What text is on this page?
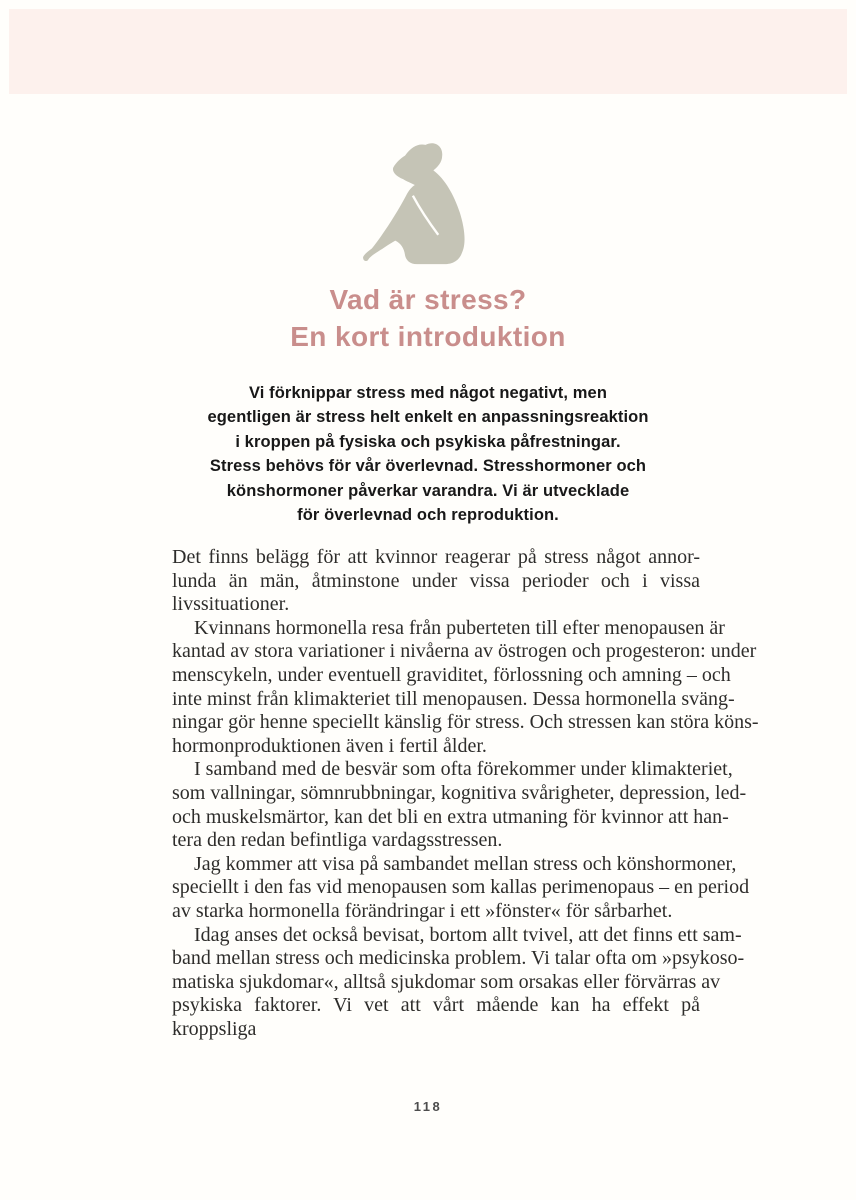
Vad är stress?
En kort introduktion
Vi förknippar stress med något negativt, men
egentligen är stress helt enkelt en anpassningsreaktion
i kroppen på fysiska och psykiska påfrestningar.
Stress behövs för vår överlevnad. Stresshormoner och
könshormoner påverkar varandra. Vi är utvecklade
för överlevnad och reproduktion.
Det finns belägg för att kvinnor reagerar på stress något annor-
lunda än män, åtminstone under vissa perioder och i vissa livssituationer.
Kvinnans hormonella resa från puberteten till efter menopausen är
kantad av stora variationer i nivåerna av östrogen och progesteron: under
menscykeln, under eventuell graviditet, förlossning och amning – och
inte minst från klimakteriet till menopausen. Dessa hormonella sväng-
ningar gör henne speciellt känslig för stress. Och stressen kan störa köns-
hormonproduktionen även i fertil ålder.
I samband med de besvär som ofta förekommer under klimakteriet,
som vallningar, sömnrubbningar, kognitiva svårigheter, depression, led-
och muskelsmärtor, kan det bli en extra utmaning för kvinnor att han-
tera den redan befintliga vardagsstressen.
Jag kommer att visa på sambandet mellan stress och könshormoner,
speciellt i den fas vid menopausen som kallas perimenopaus – en period
av starka hormonella förändringar i ett »fönster« för sårbarhet.
Idag anses det också bevisat, bortom allt tvivel, att det finns ett sam-
band mellan stress och medicinska problem. Vi talar ofta om »psykoso-
matiska sjukdomar«, alltså sjukdomar som orsakas eller förvärras av
psykiska faktorer. Vi vet att vårt mående kan ha effekt på kroppsliga
118
